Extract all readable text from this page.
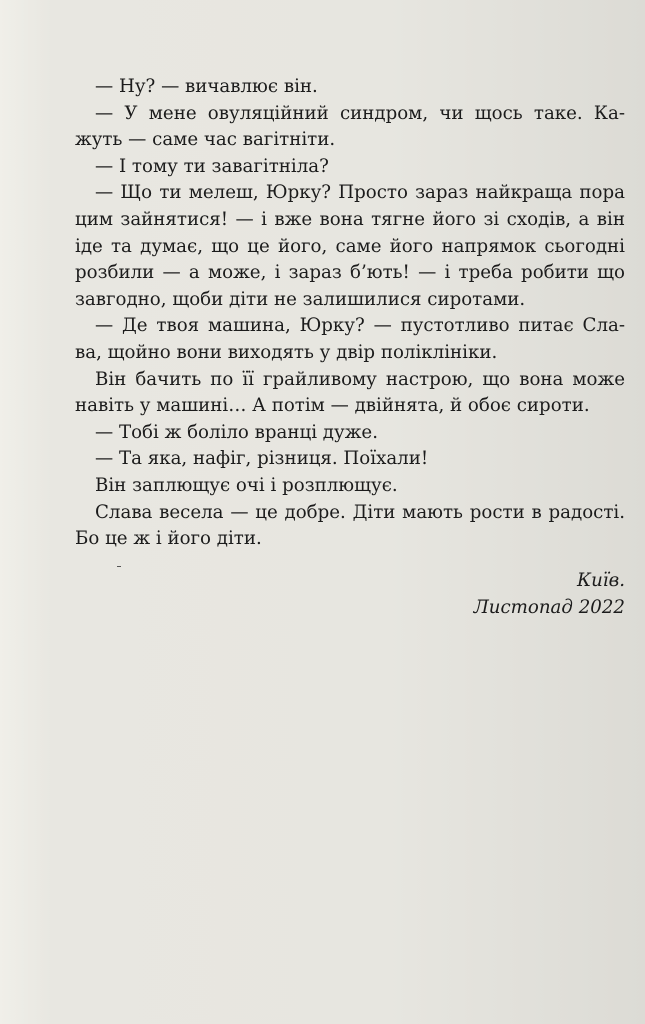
— Ну? — вичавлює він.

— У мене овуляційний синдром, чи щось таке. Ка-
жуть — саме час вагітніти.

— І тому ти завагітніла?

— Що ти мелеш, Юрку? Просто зараз найкраща пора
цим зайнятися! — і вже вона тягне його зі сходів, а він
іде та думає, що це його, саме його напрямок сьогодні
розбили — а може, і зараз б’ють! — і треба робити що
завгодно, щоби діти не залишилися сиротами.

— Де твоя машина, Юрку? — пустотливо питає Сла-
ва, щойно вони виходять у двір поліклініки.

Він бачить по її грайливому настрою, що вона може
навіть у машині… А потім — двійнята, й обоє сироти.

— Тобі ж боліло вранці дуже.

— Та яка, нафіг, різниця. Поїхали!

Він заплющує очі і розплющує.

Слава весела — це добре. Діти мають рости в радості.
Бо це ж і його діти.

Київ.
Листопад 2022
